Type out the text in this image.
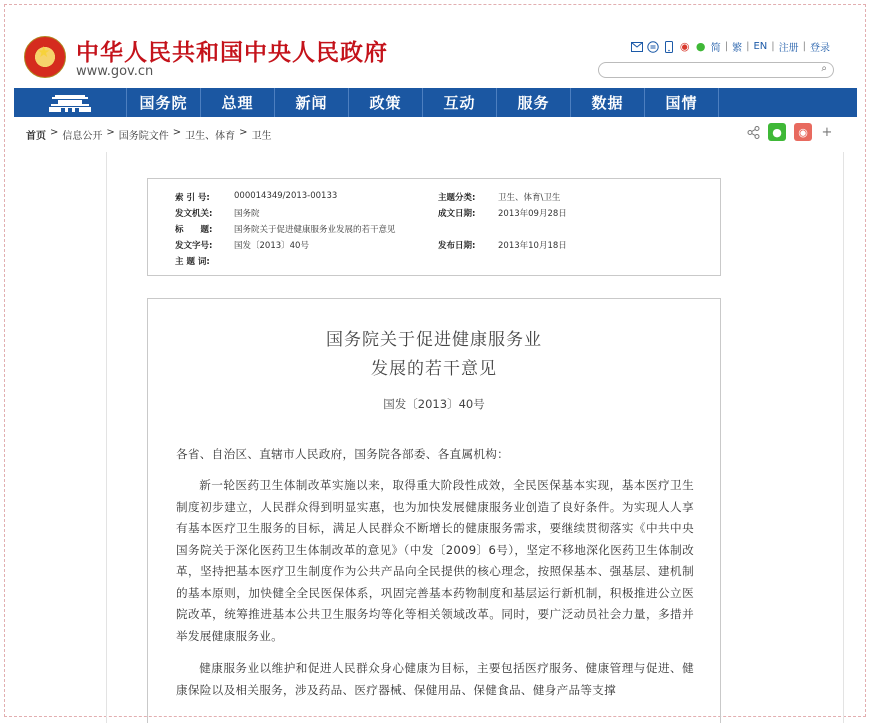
★
中华人民共和国中央人民政府
www.gov.cn
◉ ● 简 | 繁 | EN | 注册 | 登录
⌕
国务院	总理	新闻	政策	互动	服务	数据	国情
首页 > 信息公开 > 国务院文件 > 卫生、体育 > 卫生	●	◉	+
索 引 号:	000014349/2013-00133	主题分类:	卫生、体育\卫生
发文机关:	国务院	成文日期:	2013年09月28日
标　　题:	国务院关于促进健康服务业发展的若干意见
发文字号:	国发〔2013〕40号	发布日期:	2013年10月18日
主 题 词:
国务院关于促进健康服务业
发展的若干意见
国发〔2013〕40号

各省、自治区、直辖市人民政府，国务院各部委、各直属机构：

新一轮医药卫生体制改革实施以来，取得重大阶段性成效，全民医保基本实现，基本医疗卫生制度初步建立，人民群众得到明显实惠，也为加快发展健康服务业创造了良好条件。为实现人人享有基本医疗卫生服务的目标，满足人民群众不断增长的健康服务需求，要继续贯彻落实《中共中央国务院关于深化医药卫生体制改革的意见》（中发〔2009〕6号），坚定不移地深化医药卫生体制改革，坚持把基本医疗卫生制度作为公共产品向全民提供的核心理念，按照保基本、强基层、建机制的基本原则，加快健全全民医保体系，巩固完善基本药物制度和基层运行新机制，积极推进公立医院改革，统筹推进基本公共卫生服务均等化等相关领域改革。同时，要广泛动员社会力量，多措并举发展健康服务业。

健康服务业以维护和促进人民群众身心健康为目标，主要包括医疗服务、健康管理与促进、健康保险以及相关服务，涉及药品、医疗器械、保健用品、保健食品、健身产品等支撑
